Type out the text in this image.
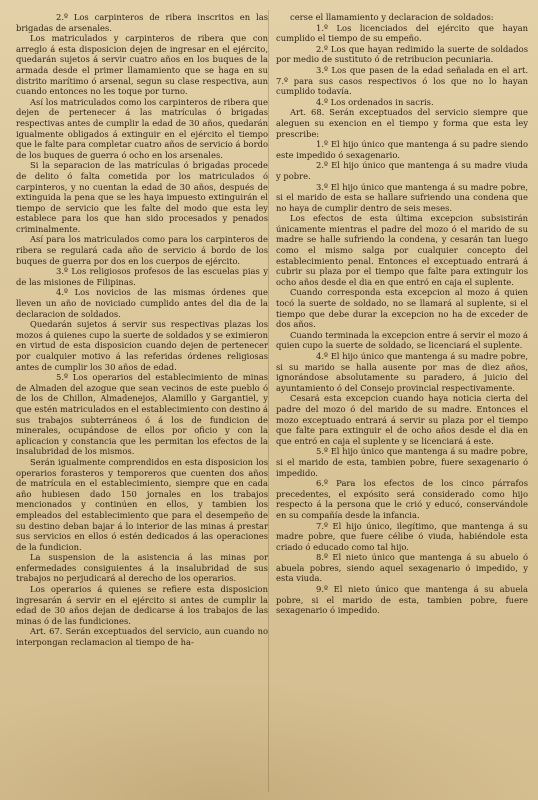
2.º Los carpinteros de ribera inscritos en las brigadas de arsenales.

Los matriculados y carpinteros de ribera que con arreglo á esta disposicion dejen de ingresar en el ejército, quedarán sujetos á servir cuatro años en los buques de la armada desde el primer llamamiento que se haga en su distrito marítimo ó arsenal, segun su clase respectiva, aun cuando entonces no les toque por turno.

Así los matriculados como los carpinteros de ribera que dejen de pertenecer á las matrículas ó brigadas respectivas antes de cumplir la edad de 30 años, quedarán igualmente obligados á extinguir en el ejército el tiempo que le falte para completar cuatro años de servicio á bordo de los buques de guerra ó ocho en los arsenales.

Si la separacion de las matrículas ó brigadas procede de delito ó falta cometida por los matriculados ó carpinteros, y no cuentan la edad de 30 años, después de extinguida la pena que se les haya impuesto extinguirán el tiempo de servicio que les falte del modo que esta ley establece para los que han sido procesados y penados criminalmente.

Así para los matriculados como para los carpinteros de ribera se regulará cada año de servicio á bordo de los buques de guerra por dos en los cuerpos de ejército.

3.º Los religiosos profesos de las escuelas pias y de las misiones de Filipinas.

4.º Los novicios de las mismas órdenes que lleven un año de noviciado cumplido antes del dia de la declaracion de soldados.

Quedarán sujetos á servir sus respectivas plazas los mozos á quienes cupo la suerte de soldados y se eximieron en virtud de esta disposicion cuando dejen de pertenecer por cualquier motivo á las referidas órdenes religiosas antes de cumplir los 30 años de edad.

5.º Los operarios del establecimiento de minas de Almaden del azogue que sean vecinos de este pueblo ó de los de Chillon, Almadenejos, Alamillo y Gargantiel, y que estén matriculados en el establecimiento con destino á sus trabajos subterráneos ó á los de fundicion de minerales, ocupándose de ellos por oficio y con la aplicacion y constancia que les permitan los efectos de la insalubridad de los mismos.

Serán igualmente comprendidos en esta disposicion los operarios forasteros y temporeros que cuenten dos años de matrícula en el establecimiento, siempre que en cada año hubiesen dado 150 jornales en los trabajos mencionados y continúen en ellos, y tambien los empleados del establecimiento que para el desempeño de su destino deban bajar á lo interior de las minas á prestar sus servicios en ellos ó estén dedicados á las operaciones de la fundicion.

La suspension de la asistencia á las minas por enfermedades consiguientes á la insalubridad de sus trabajos no perjudicará al derecho de los operarios.

Los operarios á quienes se refiere esta disposicion ingresarán á servir en el ejército si antes de cumplir la edad de 30 años dejan de dedicarse á los trabajos de las minas ó de las fundiciones.

Art. 67. Serán exceptuados del servicio, aun cuando no interpongan reclamacion al tiempo de ha-

cerse el llamamiento y declaracion de soldados:

1.º Los licenciados del ejército que hayan cumplido el tiempo de su empeño.

2.º Los que hayan redimido la suerte de soldados por medio de sustituto ó de retribucion pecuniaria.

3.º Los que pasen de la edad señalada en el art. 7.º para sus casos respectivos ó los que no lo hayan cumplido todavía.

4.º Los ordenados in sacris.

Art. 68. Serán exceptuados del servicio siempre que aleguen su exencion en el tiempo y forma que esta ley prescribe:

1.º El hijo único que mantenga á su padre siendo este impedido ó sexagenario.

2.º El hijo único que mantenga á su madre viuda y pobre.

3.º El hijo único que mantenga á su madre pobre, si el marido de esta se hallare sufriendo una condena que no haya de cumplir dentro de seis meses.

Los efectos de esta última excepcion subsistirán únicamente mientras el padre del mozo ó el marido de su madre se halle sufriendo la condena, y cesarán tan luego como el mismo salga por cualquier concepto del establecimiento penal. Entonces el exceptuado entrará á cubrir su plaza por el tiempo que falte para extinguir los ocho años desde el dia en que entró en caja el suplente.

Cuando corresponda esta excepcion al mozo á quien tocó la suerte de soldado, no se llamará al suplente, si el tiempo que debe durar la excepcion no ha de exceder de dos años.

Cuando terminada la excepcion entre á servir el mozo á quien cupo la suerte de soldado, se licenciará el suplente.

4.º El hijo único que mantenga á su madre pobre, si su marido se halla ausente por mas de diez años, ignorándose absolutamente su paradero, á juicio del ayuntamiento ó del Consejo provincial respectivamente.

Cesará esta excepcion cuando haya noticia cierta del padre del mozo ó del marido de su madre. Entonces el mozo exceptuado entrará á servir su plaza por el tiempo que falte para extinguir el de ocho años desde el dia en que entró en caja el suplente y se licenciará á este.

5.º El hijo único que mantenga á su madre pobre, si el marido de esta, tambien pobre, fuere sexagenario ó impedido.

6.º Para los efectos de los cinco párrafos precedentes, el expósito será considerado como hijo respecto á la persona que le crió y educó, conservándole en su compañía desde la infancia.

7.º El hijo único, ilegítimo, que mantenga á su madre pobre, que fuere célibe ó viuda, habiéndole esta criado ó educado como tal hijo.

8.º El nieto único que mantenga á su abuelo ó abuela pobres, siendo aquel sexagenario ó impedido, y esta viuda.

9.º El nieto único que mantenga á su abuela pobre, si el marido de esta, tambien pobre, fuere sexagenario ó impedido.
